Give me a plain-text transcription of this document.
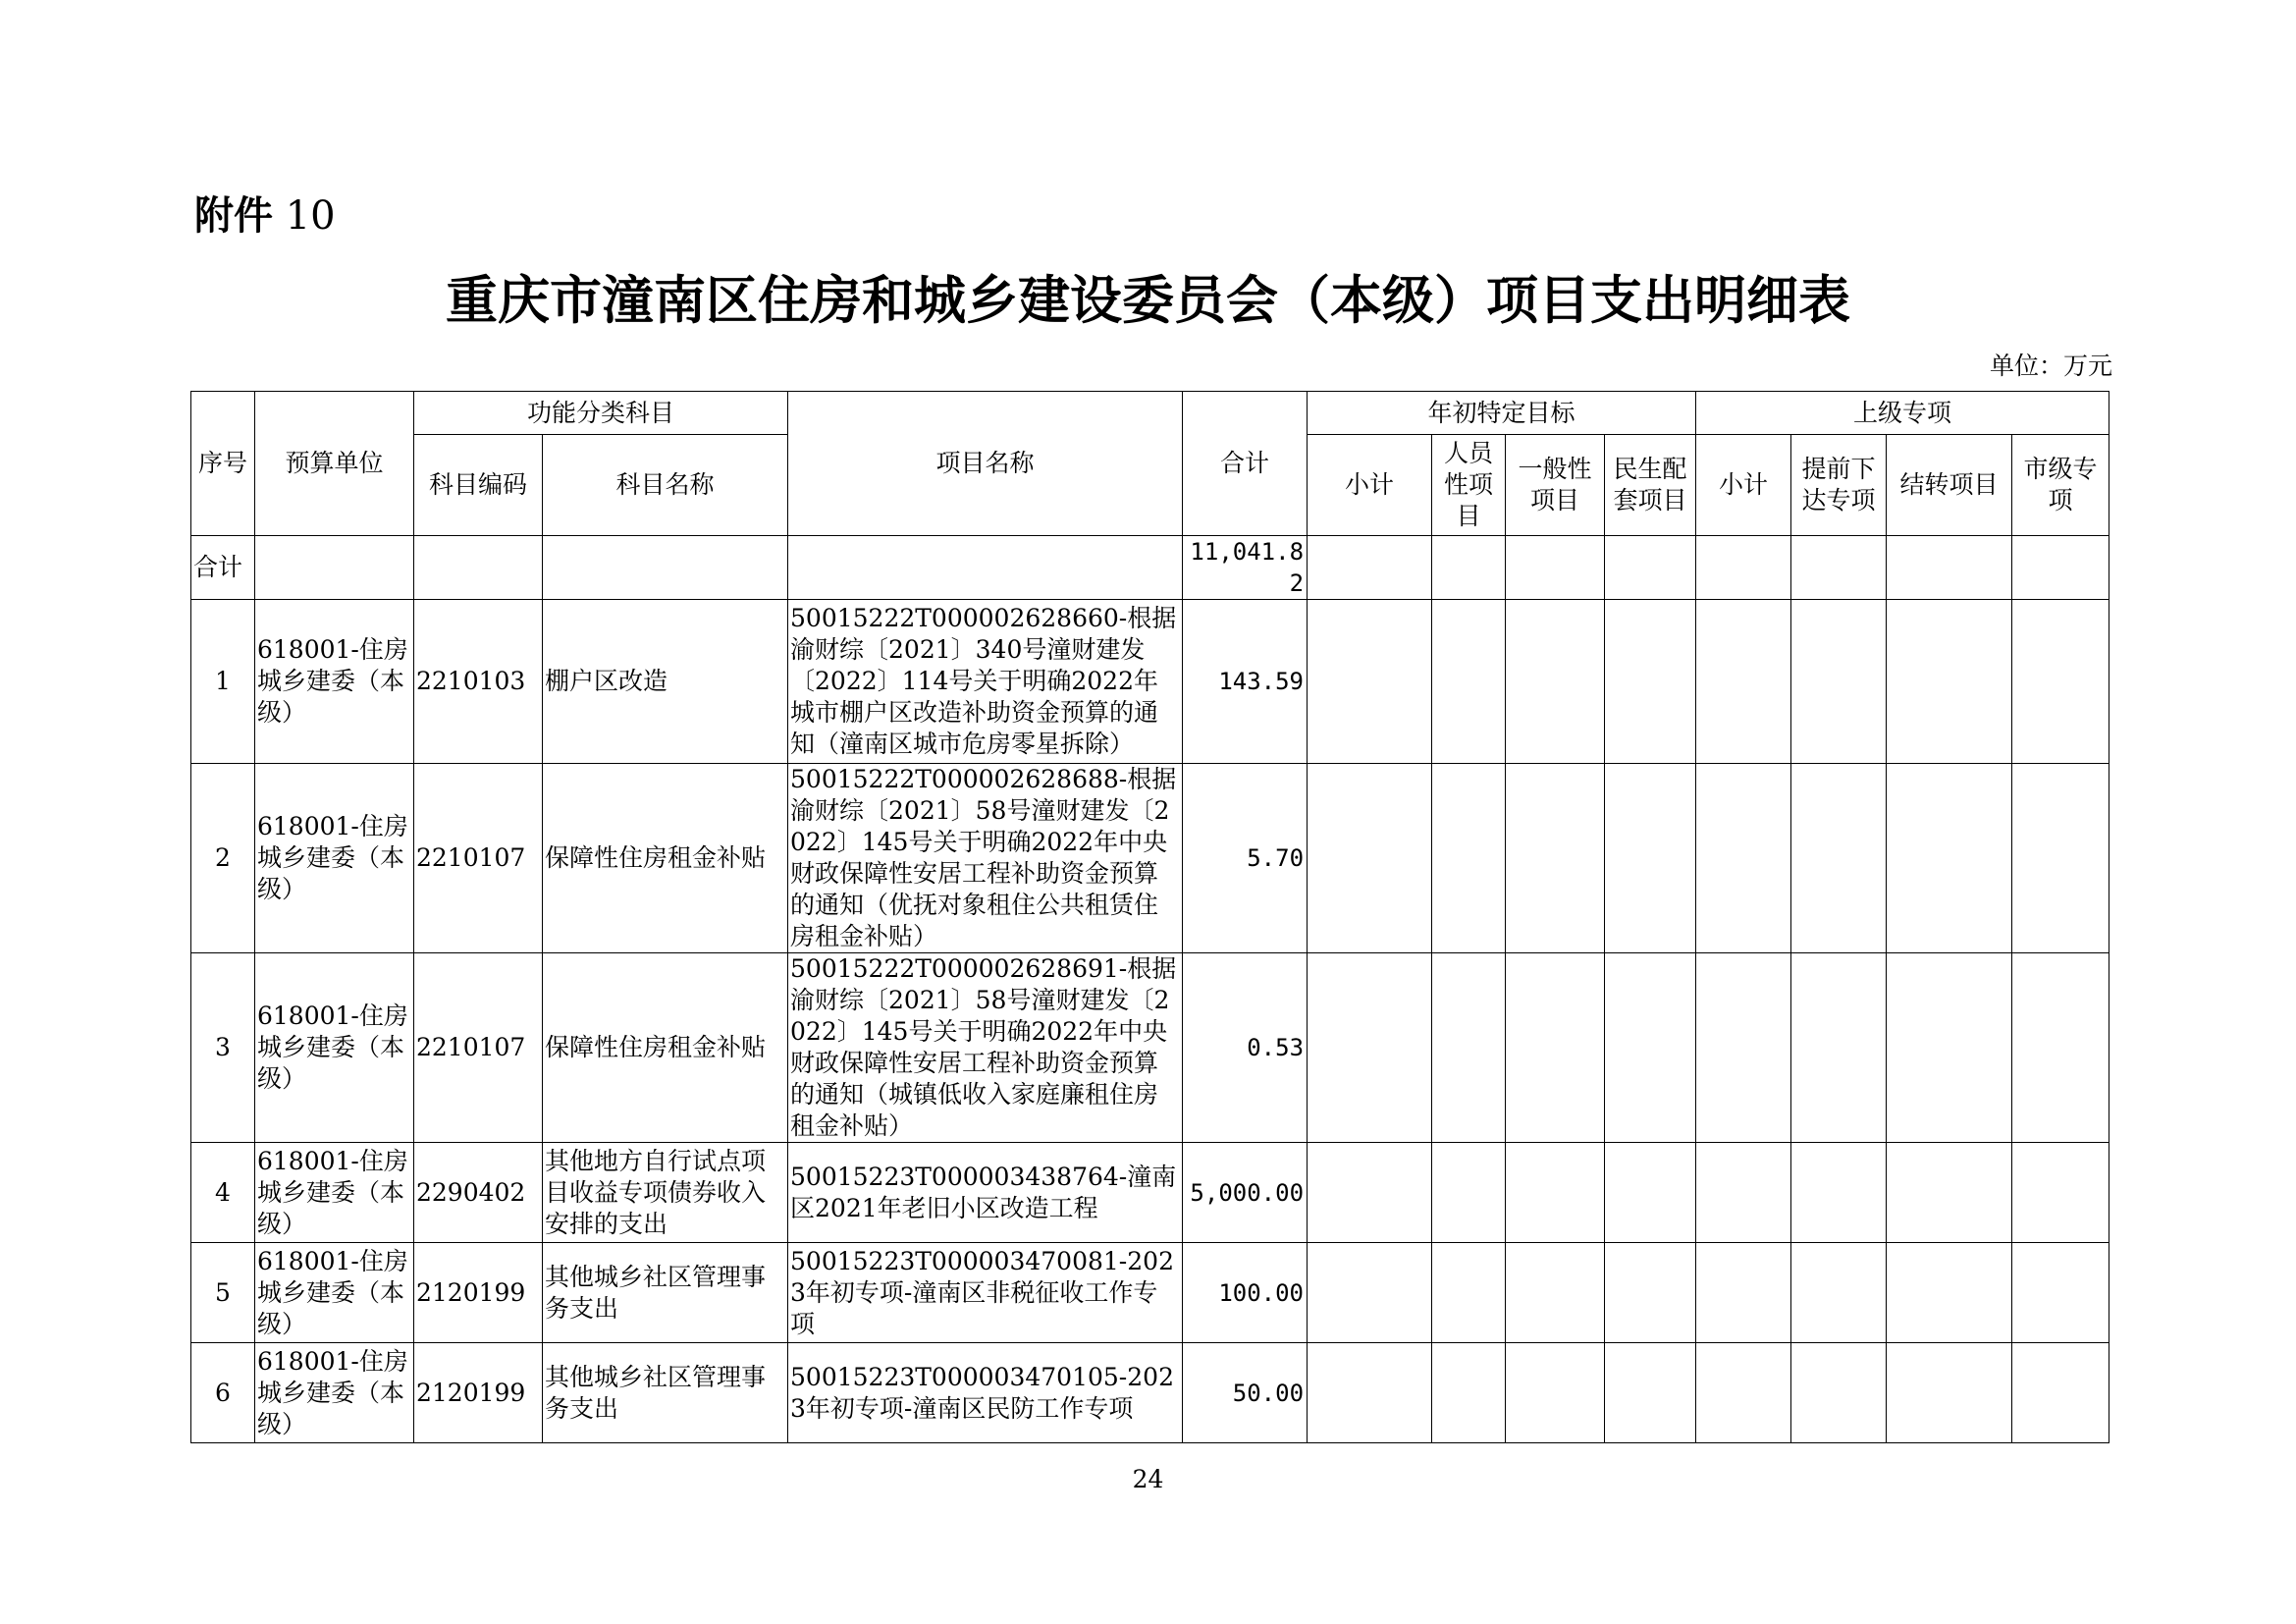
附件 10
重庆市潼南区住房和城乡建设委员会（本级）项目支出明细表
单位：万元
序号	预算单位	功能分类科目		项目名称	合计	年初特定目标				上级专项			
		科目编码	科目名称			小计	人员性项目	一般性项目	民生配套项目	小计	提前下达专项	结转项目	市级专项
合计					11,041.82								
1	618001-住房城乡建委（本级）	2210103	棚户区改造	50015222T000002628660-根据渝财综〔2021〕340号潼财建发〔2022〕114号关于明确2022年城市棚户区改造补助资金预算的通知（潼南区城市危房零星拆除）	143.59								
2	618001-住房城乡建委（本级）	2210107	保障性住房租金补贴	50015222T000002628688-根据渝财综〔2021〕58号潼财建发〔2022〕145号关于明确2022年中央财政保障性安居工程补助资金预算的通知（优抚对象租住公共租赁住房租金补贴）	5.70								
3	618001-住房城乡建委（本级）	2210107	保障性住房租金补贴	50015222T000002628691-根据渝财综〔2021〕58号潼财建发〔2022〕145号关于明确2022年中央财政保障性安居工程补助资金预算的通知（城镇低收入家庭廉租住房租金补贴）	0.53								
4	618001-住房城乡建委（本级）	2290402	其他地方自行试点项目收益专项债券收入安排的支出	50015223T000003438764-潼南区2021年老旧小区改造工程	5,000.00								
5	618001-住房城乡建委（本级）	2120199	其他城乡社区管理事务支出	50015223T000003470081-2023年初专项-潼南区非税征收工作专项	100.00								
6	618001-住房城乡建委（本级）	2120199	其他城乡社区管理事务支出	50015223T000003470105-2023年初专项-潼南区民防工作专项	50.00								
24
